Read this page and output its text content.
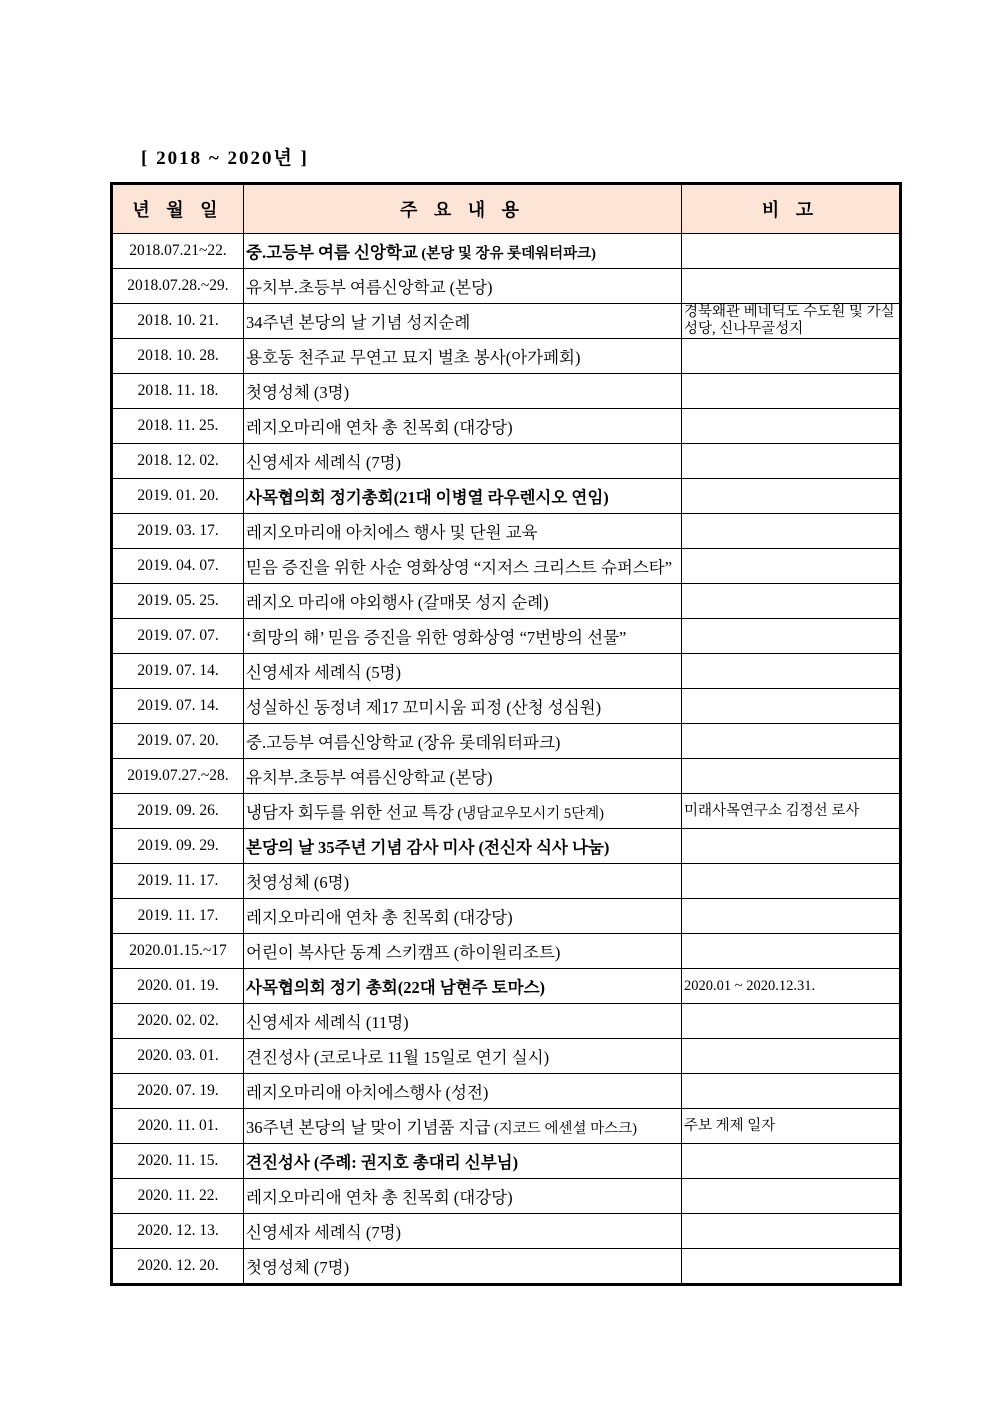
[ 2018 ~ 2020년 ]
년 월 일	주 요 내 용	비 고
2018.07.21~22.	중.고등부 여름 신앙학교 (본당 및 장유 롯데워터파크)	
2018.07.28.~29.	유치부.초등부 여름신앙학교 (본당)	
2018. 10. 21.	34주년 본당의 날 기념 성지순례	경북왜관 베네딕도 수도원 및 가실성당, 신나무골성지
2018. 10. 28.	용호동 천주교 무연고 묘지 벌초 봉사(아가페회)	
2018. 11. 18.	첫영성체 (3명)	
2018. 11. 25.	레지오마리애 연차 총 친목회 (대강당)	
2018. 12. 02.	신영세자 세례식 (7명)	
2019. 01. 20.	사목협의회 정기총회(21대 이병열 라우렌시오 연임)	
2019. 03. 17.	레지오마리애 아치에스 행사 및 단원 교육	
2019. 04. 07.	믿음 증진을 위한 사순 영화상영 “지저스 크리스트 슈퍼스타”	
2019. 05. 25.	레지오 마리애 야외행사 (갈매못 성지 순례)	
2019. 07. 07.	‘희망의 해’ 믿음 증진을 위한 영화상영 “7번방의 선물”	
2019. 07. 14.	신영세자 세례식 (5명)	
2019. 07. 14.	성실하신 동정녀 제17 꼬미시움 피정 (산청 성심원)	
2019. 07. 20.	중.고등부 여름신앙학교 (장유 롯데워터파크)	
2019.07.27.~28.	유치부.초등부 여름신앙학교 (본당)	
2019. 09. 26.	냉담자 회두를 위한 선교 특강 (냉담교우모시기 5단계)	미래사목연구소 김정선 로사
2019. 09. 29.	본당의 날 35주년 기념 감사 미사 (전신자 식사 나눔)	
2019. 11. 17.	첫영성체 (6명)	
2019. 11. 17.	레지오마리애 연차 총 친목회 (대강당)	
2020.01.15.~17	어린이 복사단 동계 스키캠프 (하이원리조트)	
2020. 01. 19.	사목협의회 정기 총회(22대 남현주 토마스)	2020.01 ~ 2020.12.31.
2020. 02. 02.	신영세자 세례식 (11명)	
2020. 03. 01.	견진성사 (코로나로 11월 15일로 연기 실시)	
2020. 07. 19.	레지오마리애 아치에스행사 (성전)	
2020. 11. 01.	36주년 본당의 날 맞이 기념품 지급 (지코드 에센셜 마스크)	주보 게제 일자
2020. 11. 15.	견진성사 (주례: 권지호 총대리 신부님)	
2020. 11. 22.	레지오마리애 연차 총 친목회 (대강당)	
2020. 12. 13.	신영세자 세례식 (7명)	
2020. 12. 20.	첫영성체 (7명)	
